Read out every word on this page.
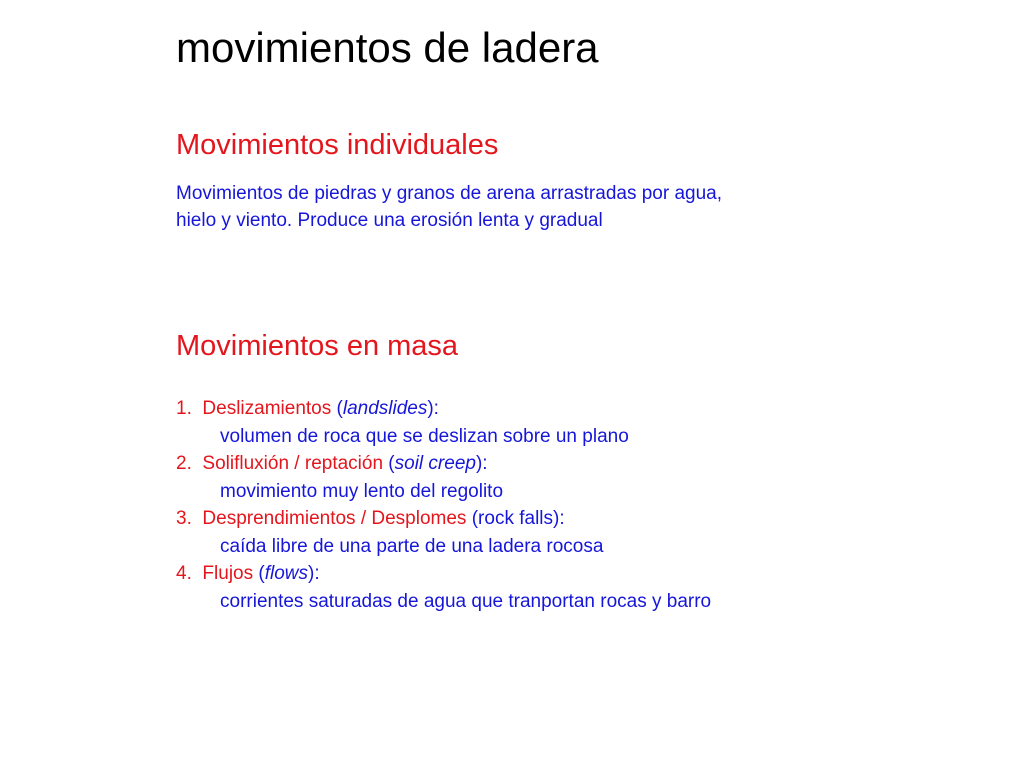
movimientos de ladera
Movimientos individuales
Movimientos de piedras y granos de arena arrastradas por agua,
hielo y viento. Produce una erosión lenta y gradual
Movimientos en masa
1. Deslizamientos (landslides):
volumen de roca que se deslizan sobre un plano
2. Solifluxión / reptación (soil creep):
movimiento muy lento del regolito
3. Desprendimientos / Desplomes (rock falls):
caída libre de una parte de una ladera rocosa
4. Flujos (flows):
corrientes saturadas de agua que tranportan rocas y barro
